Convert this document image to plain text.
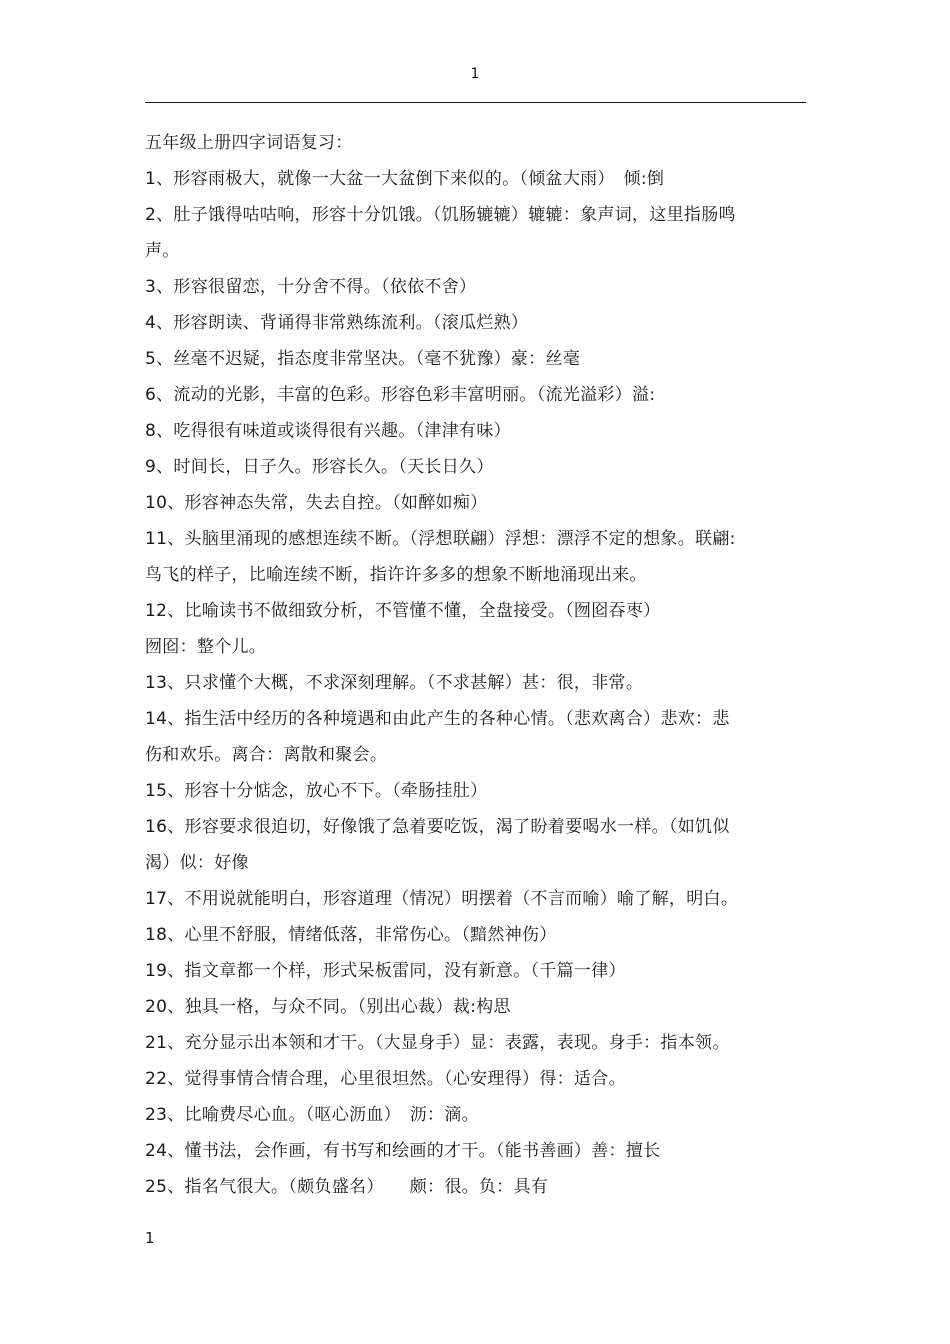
1

五年级上册四字词语复习：

1、形容雨极大，就像一大盆一大盆倒下来似的。（倾盆大雨）　倾:倒

2、肚子饿得咕咕响，形容十分饥饿。（饥肠辘辘）辘辘：象声词，这里指肠鸣

声。

3、形容很留恋，十分舍不得。（依依不舍）

4、形容朗读、背诵得非常熟练流利。（滚瓜烂熟）

5、丝毫不迟疑，指态度非常坚决。（毫不犹豫）豪：丝毫

6、流动的光影，丰富的色彩。形容色彩丰富明丽。（流光溢彩）溢:

8、吃得很有味道或谈得很有兴趣。（津津有味）

9、时间长，日子久。形容长久。（天长日久）

10、形容神态失常，失去自控。（如醉如痴）

11、头脑里涌现的感想连续不断。（浮想联翩）浮想：漂浮不定的想象。联翩:

鸟飞的样子，比喻连续不断，指许许多多的想象不断地涌现出来。

12、比喻读书不做细致分析，不管懂不懂，全盘接受。（囫囵吞枣）

囫囵：整个儿。

13、只求懂个大概，不求深刻理解。（不求甚解）甚：很，非常。

14、指生活中经历的各种境遇和由此产生的各种心情。（悲欢离合）悲欢：悲

伤和欢乐。离合：离散和聚会。

15、形容十分惦念，放心不下。（牵肠挂肚）

16、形容要求很迫切，好像饿了急着要吃饭，渴了盼着要喝水一样。（如饥似

渴）似：好像

17、不用说就能明白，形容道理（情况）明摆着（不言而喻）喻了解，明白。

18、心里不舒服，情绪低落，非常伤心。（黯然神伤）

19、指文章都一个样，形式呆板雷同，没有新意。（千篇一律）

20、独具一格，与众不同。（别出心裁）裁:构思

21、充分显示出本领和才干。（大显身手）显：表露，表现。身手：指本领。

22、觉得事情合情合理，心里很坦然。（心安理得）得：适合。

23、比喻费尽心血。（呕心沥血）　沥：滴。

24、懂书法，会作画，有书写和绘画的才干。（能书善画）善：擅长

25、指名气很大。（颇负盛名）　　颇：很。负：具有

1
